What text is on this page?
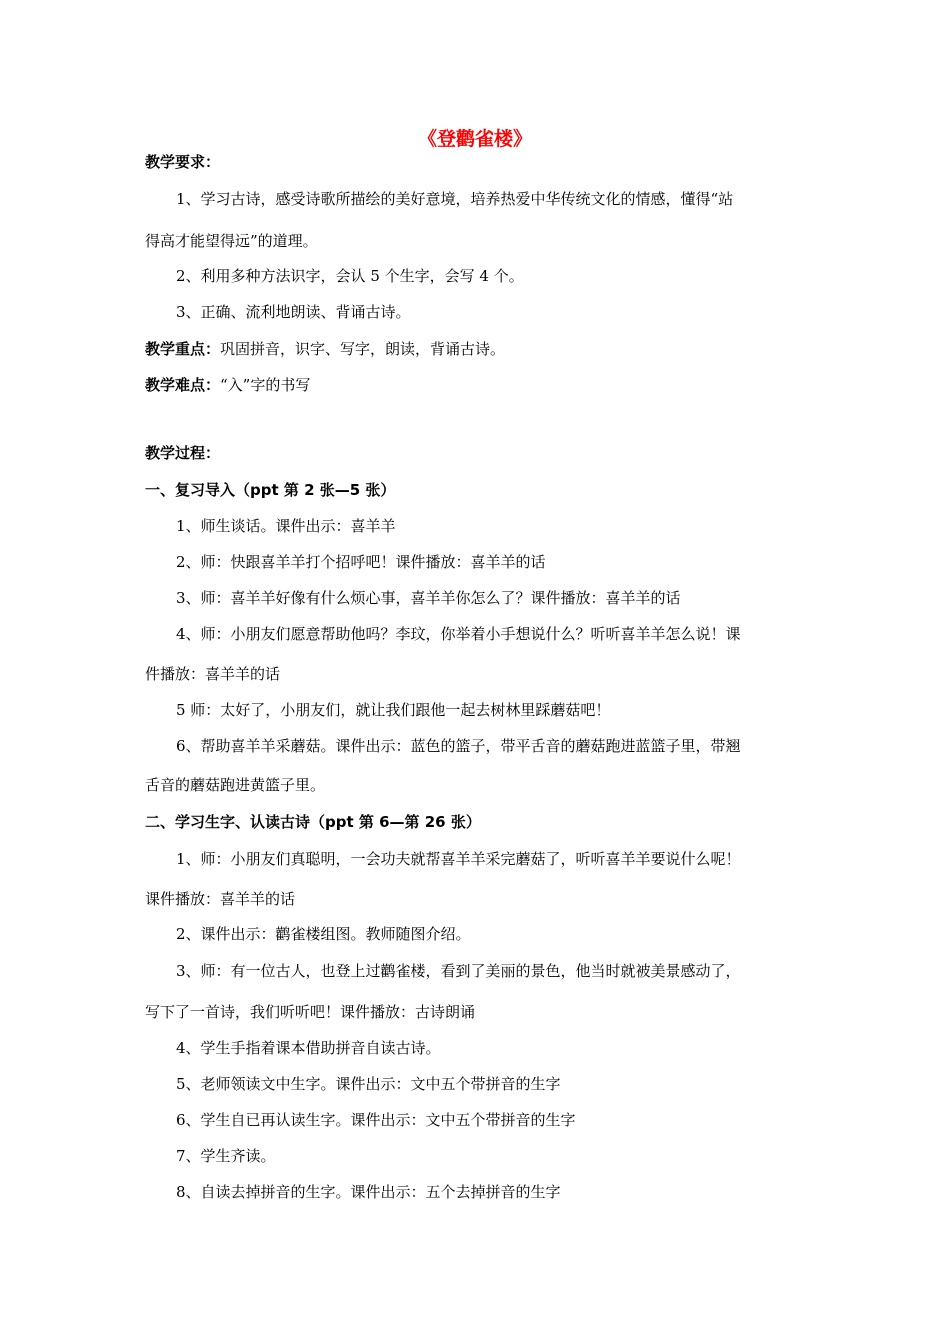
《登鹳雀楼》
教学要求：
1、学习古诗，感受诗歌所描绘的美好意境，培养热爱中华传统文化的情感，懂得“站
得高才能望得远”的道理。
2、利用多种方法识字，会认 5 个生字，会写 4 个。
3、正确、流利地朗读、背诵古诗。
教学重点：巩固拼音，识字、写字，朗读，背诵古诗。
教学难点：“入”字的书写
教学过程：
一、复习导入（ppt 第 2 张—5 张）
1、师生谈话。课件出示：喜羊羊
2、师：快跟喜羊羊打个招呼吧！课件播放：喜羊羊的话
3、师：喜羊羊好像有什么烦心事，喜羊羊你怎么了？课件播放：喜羊羊的话
4、师：小朋友们愿意帮助他吗？李玟，你举着小手想说什么？听听喜羊羊怎么说！课
件播放：喜羊羊的话
5 师：太好了，小朋友们，就让我们跟他一起去树林里踩蘑菇吧！
6、帮助喜羊羊采蘑菇。课件出示：蓝色的篮子，带平舌音的蘑菇跑进蓝篮子里，带翘
舌音的蘑菇跑进黄篮子里。
二、学习生字、认读古诗（ppt 第 6—第 26 张）
1、师：小朋友们真聪明，一会功夫就帮喜羊羊采完蘑菇了，听听喜羊羊要说什么呢！
课件播放：喜羊羊的话
2、课件出示：鹳雀楼组图。教师随图介绍。
3、师：有一位古人，也登上过鹳雀楼，看到了美丽的景色，他当时就被美景感动了，
写下了一首诗，我们听听吧！课件播放：古诗朗诵
4、学生手指着课本借助拼音自读古诗。
5、老师领读文中生字。课件出示：文中五个带拼音的生字
6、学生自已再认读生字。课件出示：文中五个带拼音的生字
7、学生齐读。
8、自读去掉拼音的生字。课件出示：五个去掉拼音的生字
